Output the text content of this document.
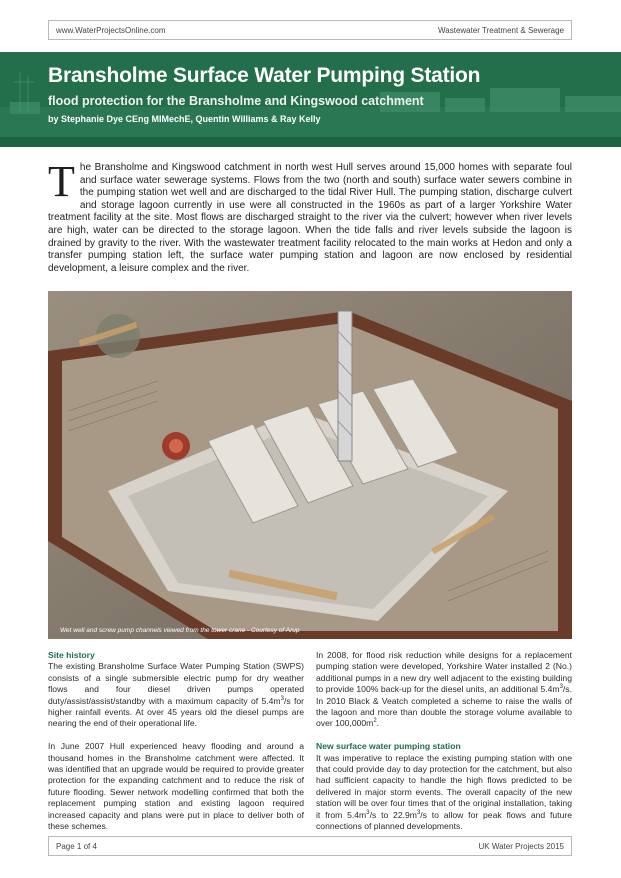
www.WaterProjectsOnline.com	Wastewater Treatment & Sewerage
Bransholme Surface Water Pumping Station
flood protection for the Bransholme and Kingswood catchment
by Stephanie Dye CEng MIMechE, Quentin Williams & Ray Kelly
The Bransholme and Kingswood catchment in north west Hull serves around 15,000 homes with separate foul and surface water sewerage systems. Flows from the two (north and south) surface water sewers combine in the pumping station wet well and are discharged to the tidal River Hull. The pumping station, discharge culvert and storage lagoon currently in use were all constructed in the 1960s as part of a larger Yorkshire Water treatment facility at the site. Most flows are discharged straight to the river via the culvert; however when river levels are high, water can be directed to the storage lagoon. When the tide falls and river levels subside the lagoon is drained by gravity to the river. With the wastewater treatment facility relocated to the main works at Hedon and only a transfer pumping station left, the surface water pumping station and lagoon are now enclosed by residential development, a leisure complex and the river.
Wet well and screw pump channels viewed from the tower crane - Courtesy of Arup
Site history
The existing Bransholme Surface Water Pumping Station (SWPS) consists of a single submersible electric pump for dry weather flows and four diesel driven pumps operated duty/assist/assist/standby with a maximum capacity of $5.4m^3/s$ for higher rainfall events. At over 45 years old the diesel pumps are nearing the end of their operational life.
In June 2007 Hull experienced heavy flooding and around a thousand homes in the Bransholme catchment were affected. It was identified that an upgrade would be required to provide greater protection for the expanding catchment and to reduce the risk of future flooding. Sewer network modelling confirmed that both the replacement pumping station and existing lagoon required increased capacity and plans were put in place to deliver both of these schemes.
In 2008, for flood risk reduction while designs for a replacement pumping station were developed, Yorkshire Water installed 2 (No.) additional pumps in a new dry well adjacent to the existing building to provide 100% back-up for the diesel units, an additional $5.4m^3/s$. In 2010 Black & Veatch completed a scheme to raise the walls of the lagoon and more than double the storage volume available to over $100,000m^2$.
New surface water pumping station
It was imperative to replace the existing pumping station with one that could provide day to day protection for the catchment, but also had sufficient capacity to handle the high flows predicted to be delivered in major storm events. The overall capacity of the new station will be over four times that of the original installation, taking it from $5.4m^3/s$ to $22.9m^3/s$ to allow for peak flows and future connections of planned developments.
Page 1 of 4	UK Water Projects 2015
